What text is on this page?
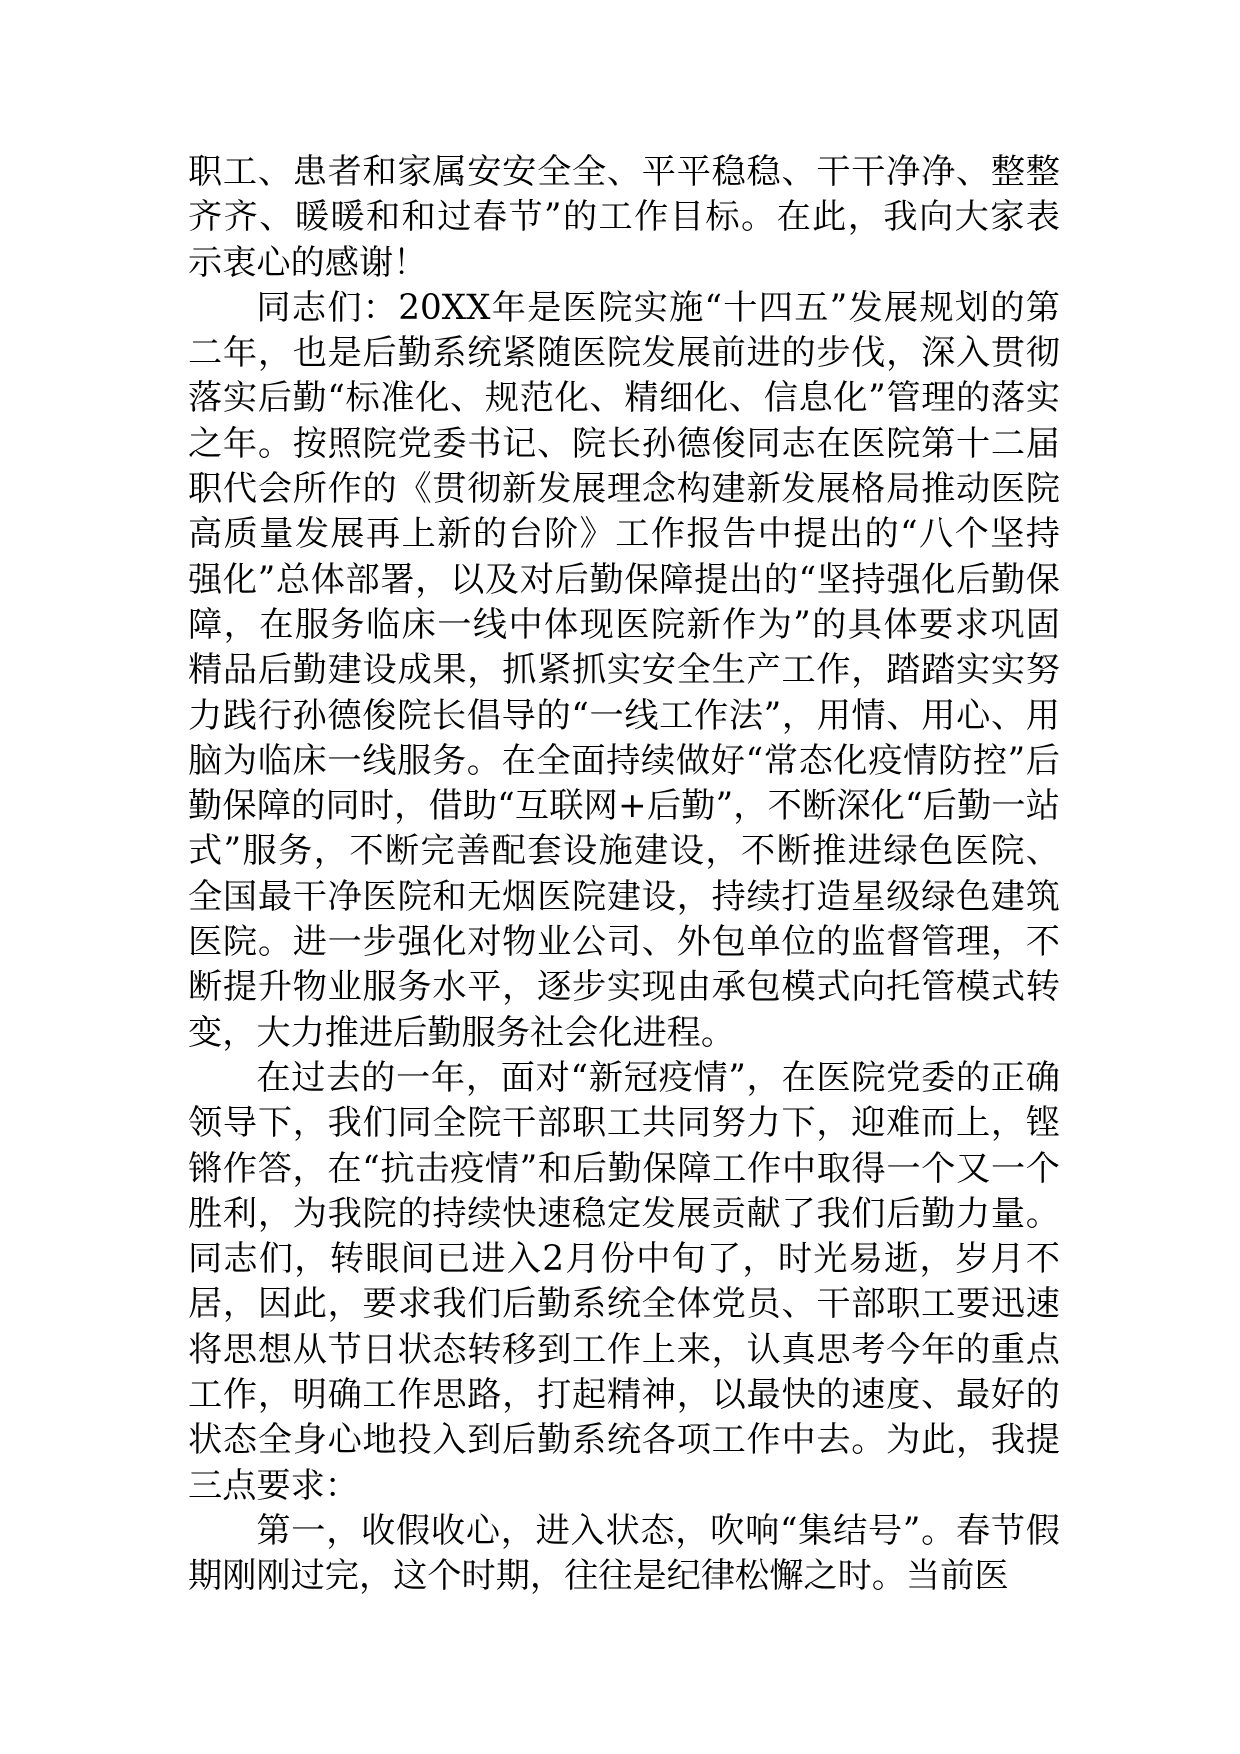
职工、患者和家属安安全全、平平稳稳、干干净净、整整齐齐、暖暖和和过春节”的工作目标。在此，我向大家表示衷心的感谢！

同志们：20XX年是医院实施“十四五”发展规划的第二年，也是后勤系统紧随医院发展前进的步伐，深入贯彻落实后勤“标准化、规范化、精细化、信息化”管理的落实之年。按照院党委书记、院长孙德俊同志在医院第十二届职代会所作的《贯彻新发展理念构建新发展格局推动医院高质量发展再上新的台阶》工作报告中提出的“八个坚持强化”总体部署，以及对后勤保障提出的“坚持强化后勤保障，在服务临床一线中体现医院新作为”的具体要求巩固精品后勤建设成果，抓紧抓实安全生产工作，踏踏实实努力践行孙德俊院长倡导的“一线工作法”，用情、用心、用脑为临床一线服务。在全面持续做好“常态化疫情防控”后勤保障的同时，借助“互联网+后勤”，不断深化“后勤一站式”服务，不断完善配套设施建设，不断推进绿色医院、全国最干净医院和无烟医院建设，持续打造星级绿色建筑医院。进一步强化对物业公司、外包单位的监督管理，不断提升物业服务水平，逐步实现由承包模式向托管模式转变，大力推进后勤服务社会化进程。

在过去的一年，面对“新冠疫情”，在医院党委的正确领导下，我们同全院干部职工共同努力下，迎难而上，铿锵作答，在“抗击疫情”和后勤保障工作中取得一个又一个胜利，为我院的持续快速稳定发展贡献了我们后勤力量。同志们，转眼间已进入2月份中旬了，时光易逝，岁月不居，因此，要求我们后勤系统全体党员、干部职工要迅速将思想从节日状态转移到工作上来，认真思考今年的重点工作，明确工作思路，打起精神，以最快的速度、最好的状态全身心地投入到后勤系统各项工作中去。为此，我提三点要求：

第一，收假收心，进入状态，吹响“集结号”。春节假期刚刚过完，这个时期，往往是纪律松懈之时。当前医
